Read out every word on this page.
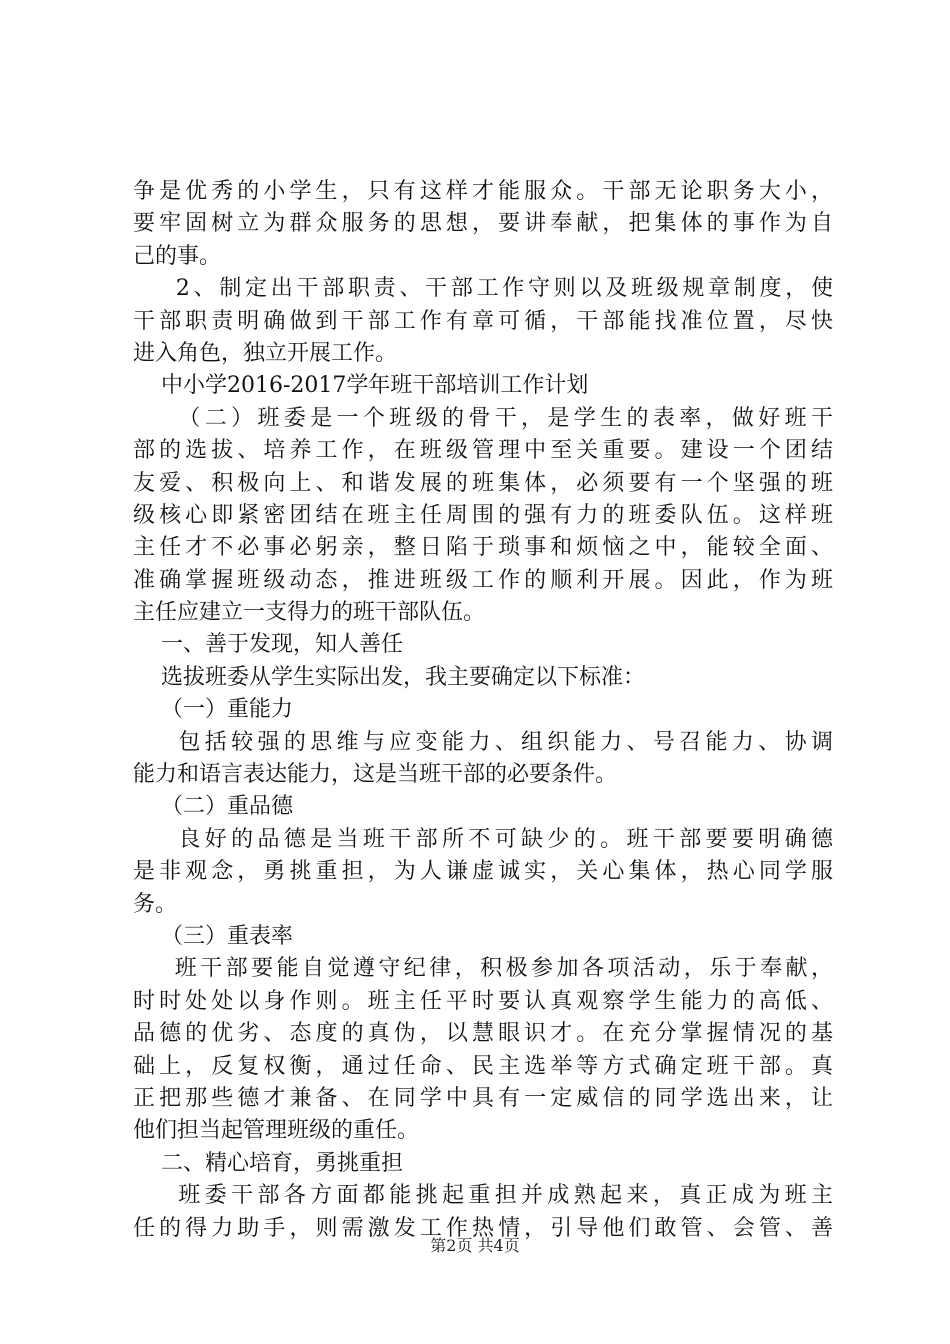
争是优秀的小学生，只有这样才能服众。干部无论职务大小，
要牢固树立为群众服务的思想，要讲奉献，把集体的事作为自
己的事。
2、制定出干部职责、干部工作守则以及班级规章制度，使
干部职责明确做到干部工作有章可循，干部能找准位置，尽快
进入角色，独立开展工作。
中小学2016-2017学年班干部培训工作计划
（二）班委是一个班级的骨干，是学生的表率，做好班干
部的选拔、培养工作，在班级管理中至关重要。建设一个团结
友爱、积极向上、和谐发展的班集体，必须要有一个坚强的班
级核心即紧密团结在班主任周围的强有力的班委队伍。这样班
主任才不必事必躬亲，整日陷于琐事和烦恼之中，能较全面、
准确掌握班级动态，推进班级工作的顺利开展。因此，作为班
主任应建立一支得力的班干部队伍。
一、善于发现，知人善任
选拔班委从学生实际出发，我主要确定以下标准：
（一）重能力
包括较强的思维与应变能力、组织能力、号召能力、协调
能力和语言表达能力，这是当班干部的必要条件。
（二）重品德
良好的品德是当班干部所不可缺少的。班干部要要明确德
是非观念，勇挑重担，为人谦虚诚实，关心集体，热心同学服
务。
（三）重表率
班干部要能自觉遵守纪律，积极参加各项活动，乐于奉献，
时时处处以身作则。班主任平时要认真观察学生能力的高低、
品德的优劣、态度的真伪，以慧眼识才。在充分掌握情况的基
础上，反复权衡，通过任命、民主选举等方式确定班干部。真
正把那些德才兼备、在同学中具有一定威信的同学选出来，让
他们担当起管理班级的重任。
二、精心培育，勇挑重担
班委干部各方面都能挑起重担并成熟起来，真正成为班主
任的得力助手，则需激发工作热情，引导他们敢管、会管、善
第2页 共4页
